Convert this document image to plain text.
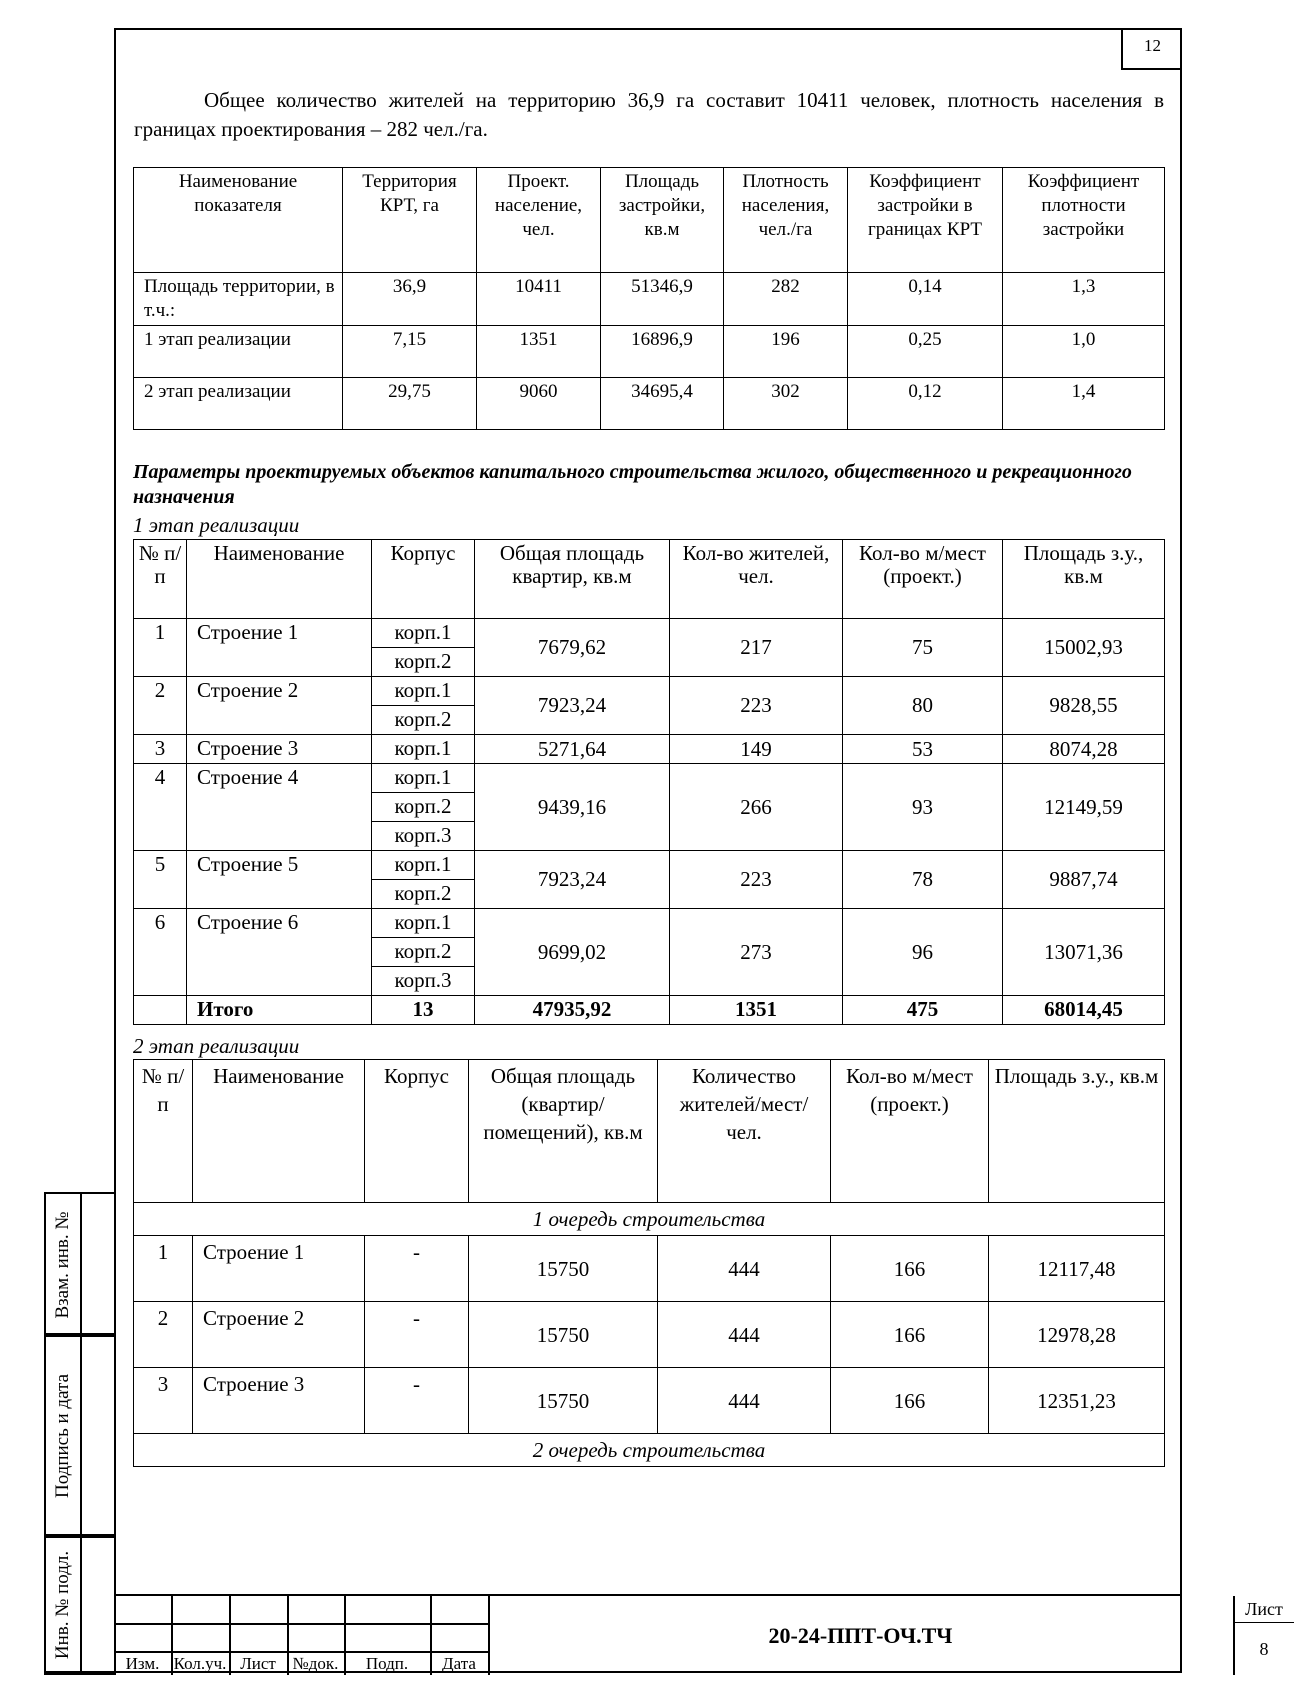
12

Общее количество жителей на территорию 36,9 га составит 10411 человек, плотность населения в границах проектирования – 282 чел./га.

Наименование показателя	Территория КРТ, га	Проект. население, чел.	Площадь застройки, кв.м	Плотность населения, чел./га	Коэффициент застройки в границах КРТ	Коэффициент плотности застройки
Площадь территории, в т.ч.:	36,9	10411	51346,9	282	0,14	1,3
1 этап реализации	7,15	1351	16896,9	196	0,25	1,0
2 этап реализации	29,75	9060	34695,4	302	0,12	1,4

Параметры проектируемых объектов капитального строительства жилого, общественного и рекреационного назначения

1 этап реализации

№ п/п	Наименование	Корпус	Общая площадь квартир, кв.м	Кол-во жителей, чел.	Кол-во м/мест (проект.)	Площадь з.у., кв.м
1	Строение 1	корп.1	7679,62	217	75	15002,93
		корп.2				
2	Строение 2	корп.1	7923,24	223	80	9828,55
		корп.2				
3	Строение 3	корп.1	5271,64	149	53	8074,28
4	Строение 4	корп.1	9439,16	266	93	12149,59
		корп.2				
		корп.3				
5	Строение 5	корп.1	7923,24	223	78	9887,74
		корп.2				
6	Строение 6	корп.1	9699,02	273	96	13071,36
		корп.2				
		корп.3				
	Итого	13	47935,92	1351	475	68014,45

2 этап реализации

№ п/п	Наименование	Корпус	Общая площадь (квартир/ помещений), кв.м	Количество жителей/мест/ чел.	Кол-во м/мест (проект.)	Площадь з.у., кв.м
1 очередь строительства						
1	Строение 1	-	15750	444	166	12117,48
2	Строение 2	-	15750	444	166	12978,28
3	Строение 3	-	15750	444	166	12351,23
2 очередь строительства						
Взам. инв. №
Подпись и дата
Инв. № подл.
Изм. Кол.уч. Лист №док.	Подп.	Дата
20-24-ППТ-ОЧ.ТЧ
Лист
8
